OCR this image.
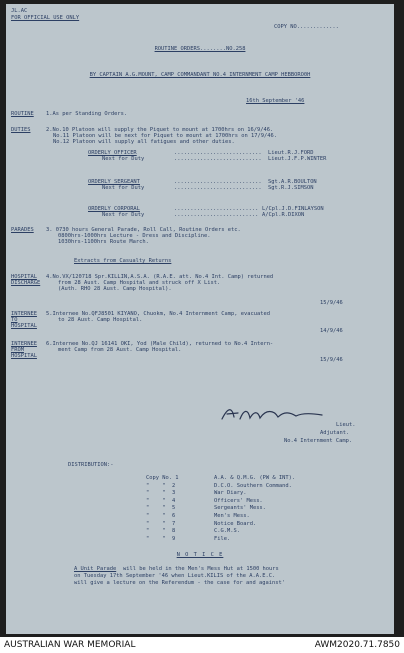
JL.AC
FOR OFFICIAL USE ONLY
COPY NO.............
ROUTINE ORDERS........NO.258
BY CAPTAIN A.G.MOUNT, CAMP COMMANDANT NO.4 INTERNMENT CAMP HEBBORO0H
16th September '46
ROUTINE 1.As per Standing Orders.
DUTIES	2.No.10 Platoon will supply the Piquet to mount at 1700hrs on 16/9/46.
No.11 Platoon will be next for Piquet to mount at 1700hrs on 17/9/46.
No.12 Platoon will supply all fatigues and other duties.
ORDERLY OFFICER	........................... Lieut.R.J.FORD
Next for Duty	........................... Lieut.J.F.P.WINTER
ORDERLY SERGEANT	........................... Sgt.A.R.BOULTON
Next for Duty	........................... Sgt.R.J.SIMSON
ORDERLY CORPORAL	.......................... L/Cpl.J.D.FINLAYSON
Next for Duty	.......................... A/Cpl.R.DIXON
PARADES 3. 0730 hours General Parade, Roll Call, Routine Orders etc.
0800hrs-1000hrs Lecture - Dress and Discipline.
1030hrs-1100hrs Route March.
Extracts from Casualty Returns
HOSPITAL
DISCHARGE
4.No.VX/120718 Spr.KILLIN,A.S.A. (R.A.E. att. No.4 Int. Camp) returned
from 28 Aust. Camp Hospital and struck off X List.
(Auth. RHO 28 Aust. Camp Hospital).
15/9/46
INTERNEE
TO
HOSPITAL
5.Internee No.QFJ8501 KIYANO, Chuokm, No.4 Internment Camp, evacuated
to 28 Aust. Camp Hospital.
14/9/46
INTERNEE
FROM
HOSPITAL
6.Internee No.QJ 16141 OKI, Yod (Male Child), returned to No.4 Intern-
ment Camp from 28 Aust. Camp Hospital.
15/9/46
Lieut.
Adjutant.
No.4 Internment Camp.
DISTRIBUTION:-
N O T I C E
A Unit Parade will be held in the Men's Mess Hut at 1500 hours
on Tuesday 17th September '46 when Lieut.KILIS of the A.A.E.C.
will give a lecture on the Referendum - the case for and against'
Copy No. 1	A.A. & Q.M.G. (PW & INT).
"    "  2	D.C.O. Southern Command.
"    "  3	War Diary.
"    "  4	Officers' Mess.
"    "  5	Sergeants' Mess.
"    "  6	Men's Mess.
"    "  7	Notice Board.
"    "  8	C.G.M.S.
"    "  9	File.
AUSTRALIAN WAR MEMORIAL	AWM2020.71.7850
